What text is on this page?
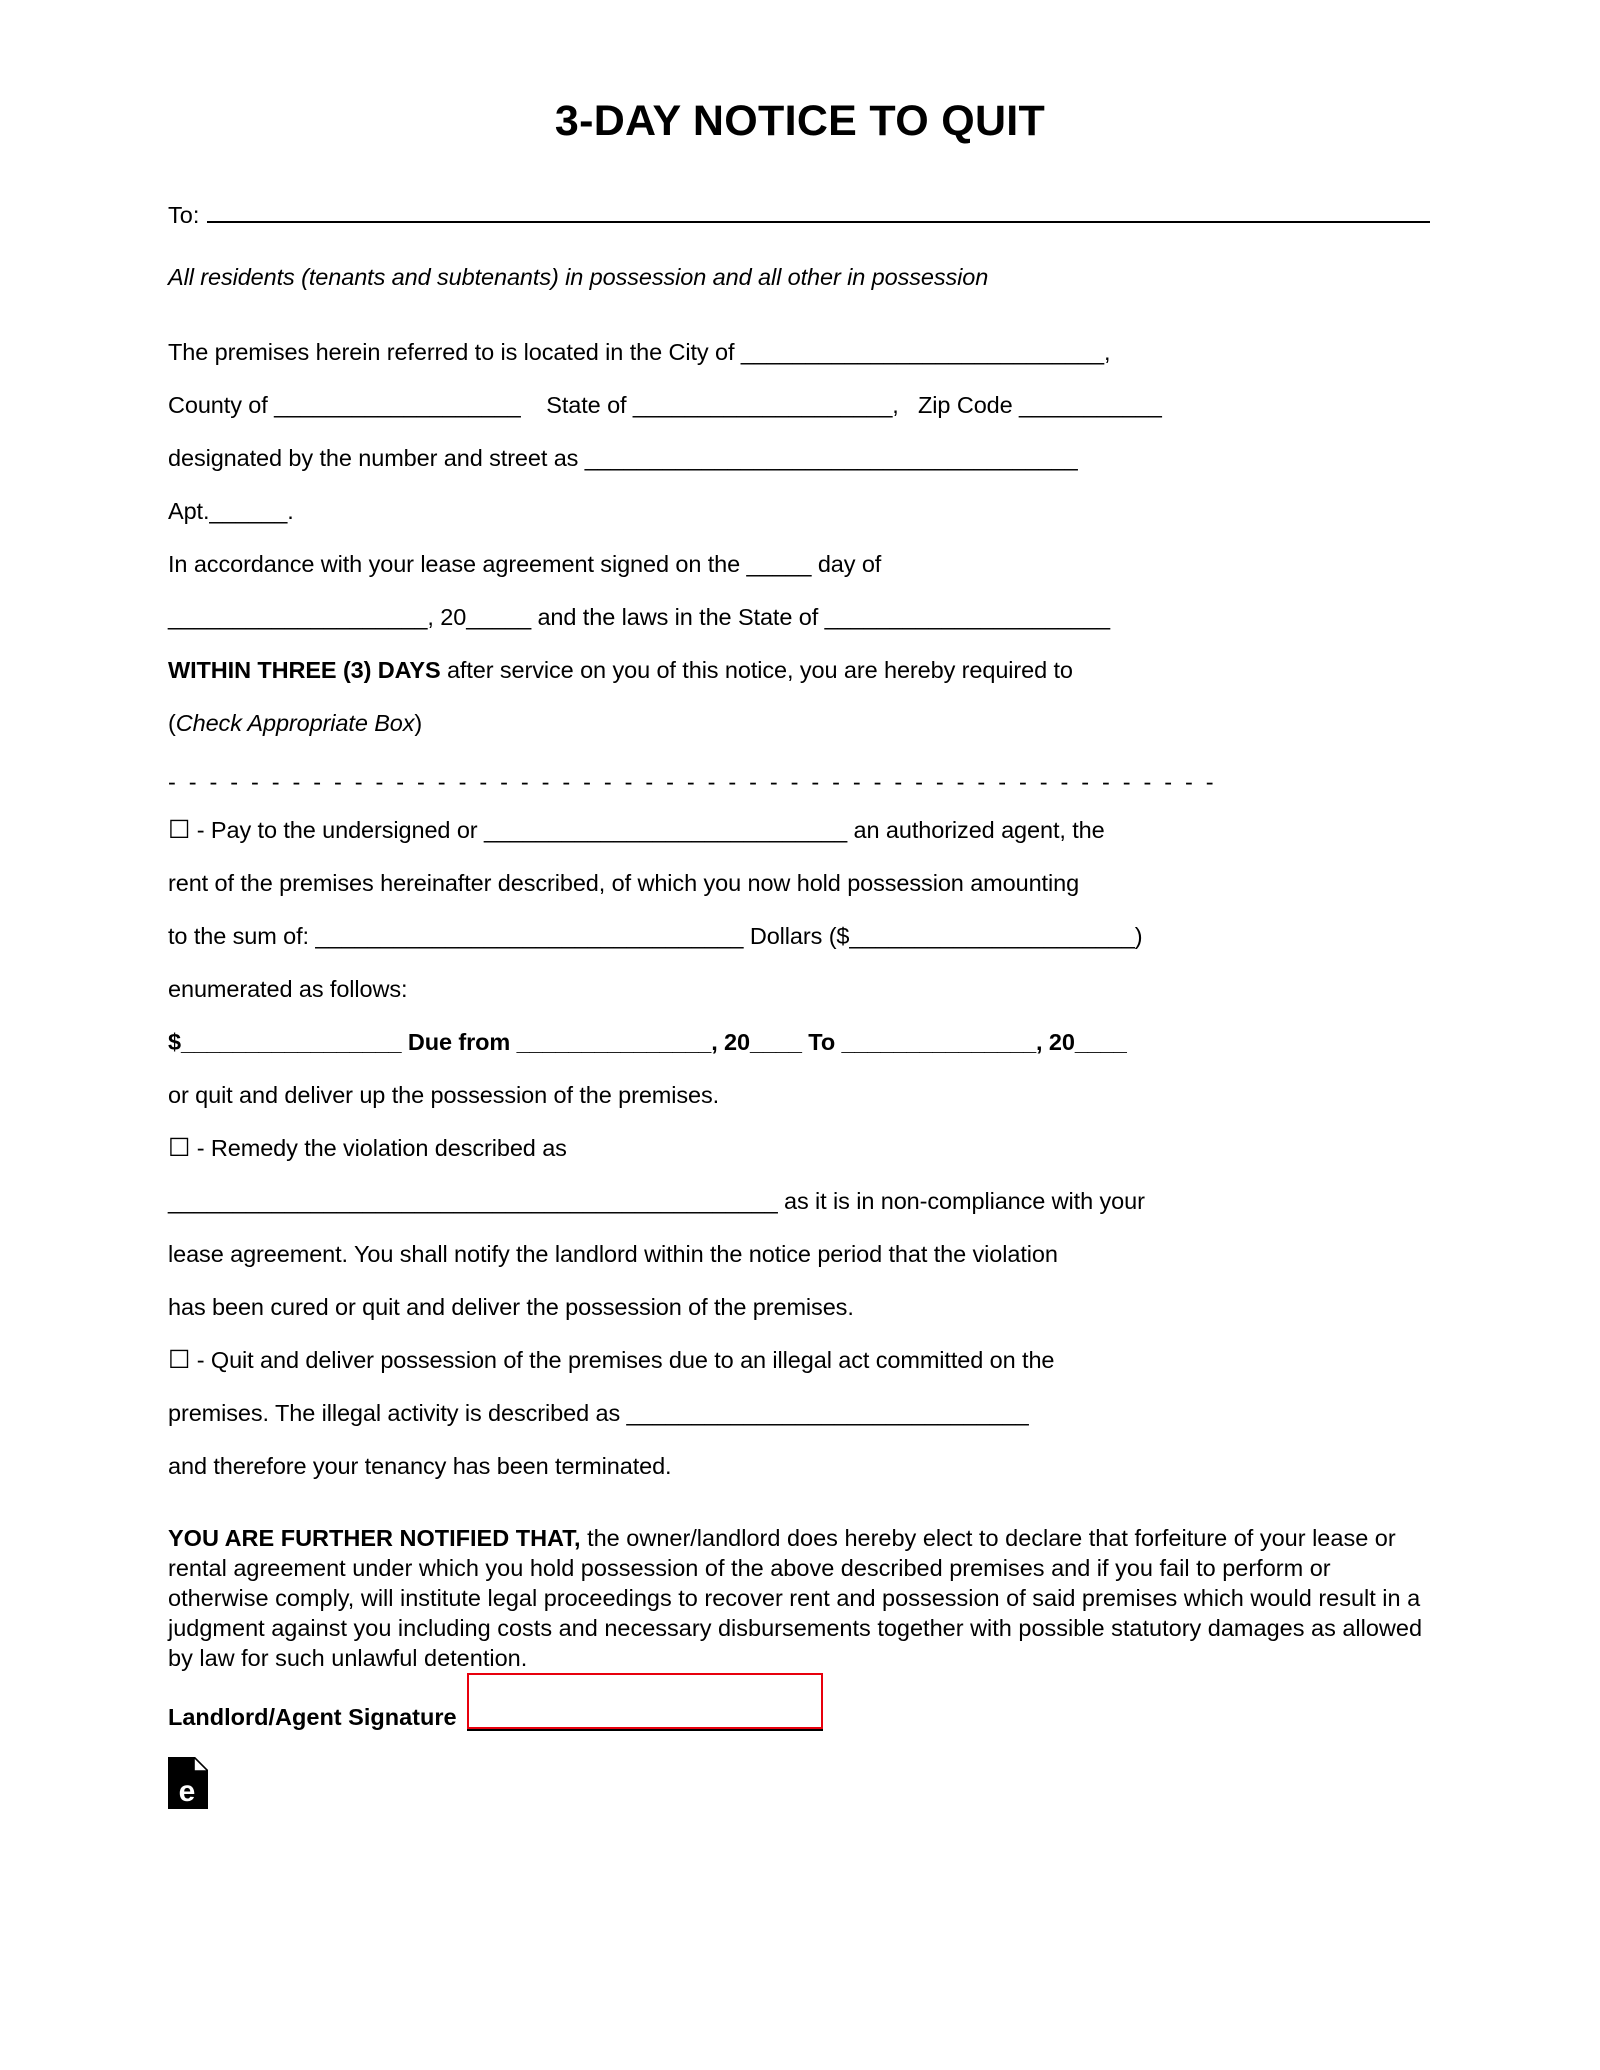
3-DAY NOTICE TO QUIT
To:
All residents (tenants and subtenants) in possession and all other in possession
The premises herein referred to is located in the City of ____________________________,
County of ___________________ State of ____________________, Zip Code ___________
designated by the number and street as ______________________________________
Apt.______.
In accordance with your lease agreement signed on the _____ day of
____________________, 20_____ and the laws in the State of ______________________
WITHIN THREE (3) DAYS after service on you of this notice, you are hereby required to
(Check Appropriate Box)
- - - - - - - - - - - - - - - - - - - - - - - - - - - - - - - - - - - - - - - - - - - - - - - - - - -
☐ - Pay to the undersigned or ____________________________ an authorized agent, the
rent of the premises hereinafter described, of which you now hold possession amounting
to the sum of: _________________________________ Dollars ($______________________)
enumerated as follows:
$_________________ Due from _______________, 20____ To _______________, 20____
or quit and deliver up the possession of the premises.
☐ - Remedy the violation described as
_______________________________________________ as it is in non-compliance with your
lease agreement. You shall notify the landlord within the notice period that the violation
has been cured or quit and deliver the possession of the premises.
☐ - Quit and deliver possession of the premises due to an illegal act committed on the
premises. The illegal activity is described as _______________________________
and therefore your tenancy has been terminated.
YOU ARE FURTHER NOTIFIED THAT, the owner/landlord does hereby elect to declare that forfeiture of your lease or rental agreement under which you hold possession of the above described premises and if you fail to perform or otherwise comply, will institute legal proceedings to recover rent and possession of said premises which would result in a judgment against you including costs and necessary disbursements together with possible statutory damages as allowed by law for such unlawful detention.
Landlord/Agent Signature
e
